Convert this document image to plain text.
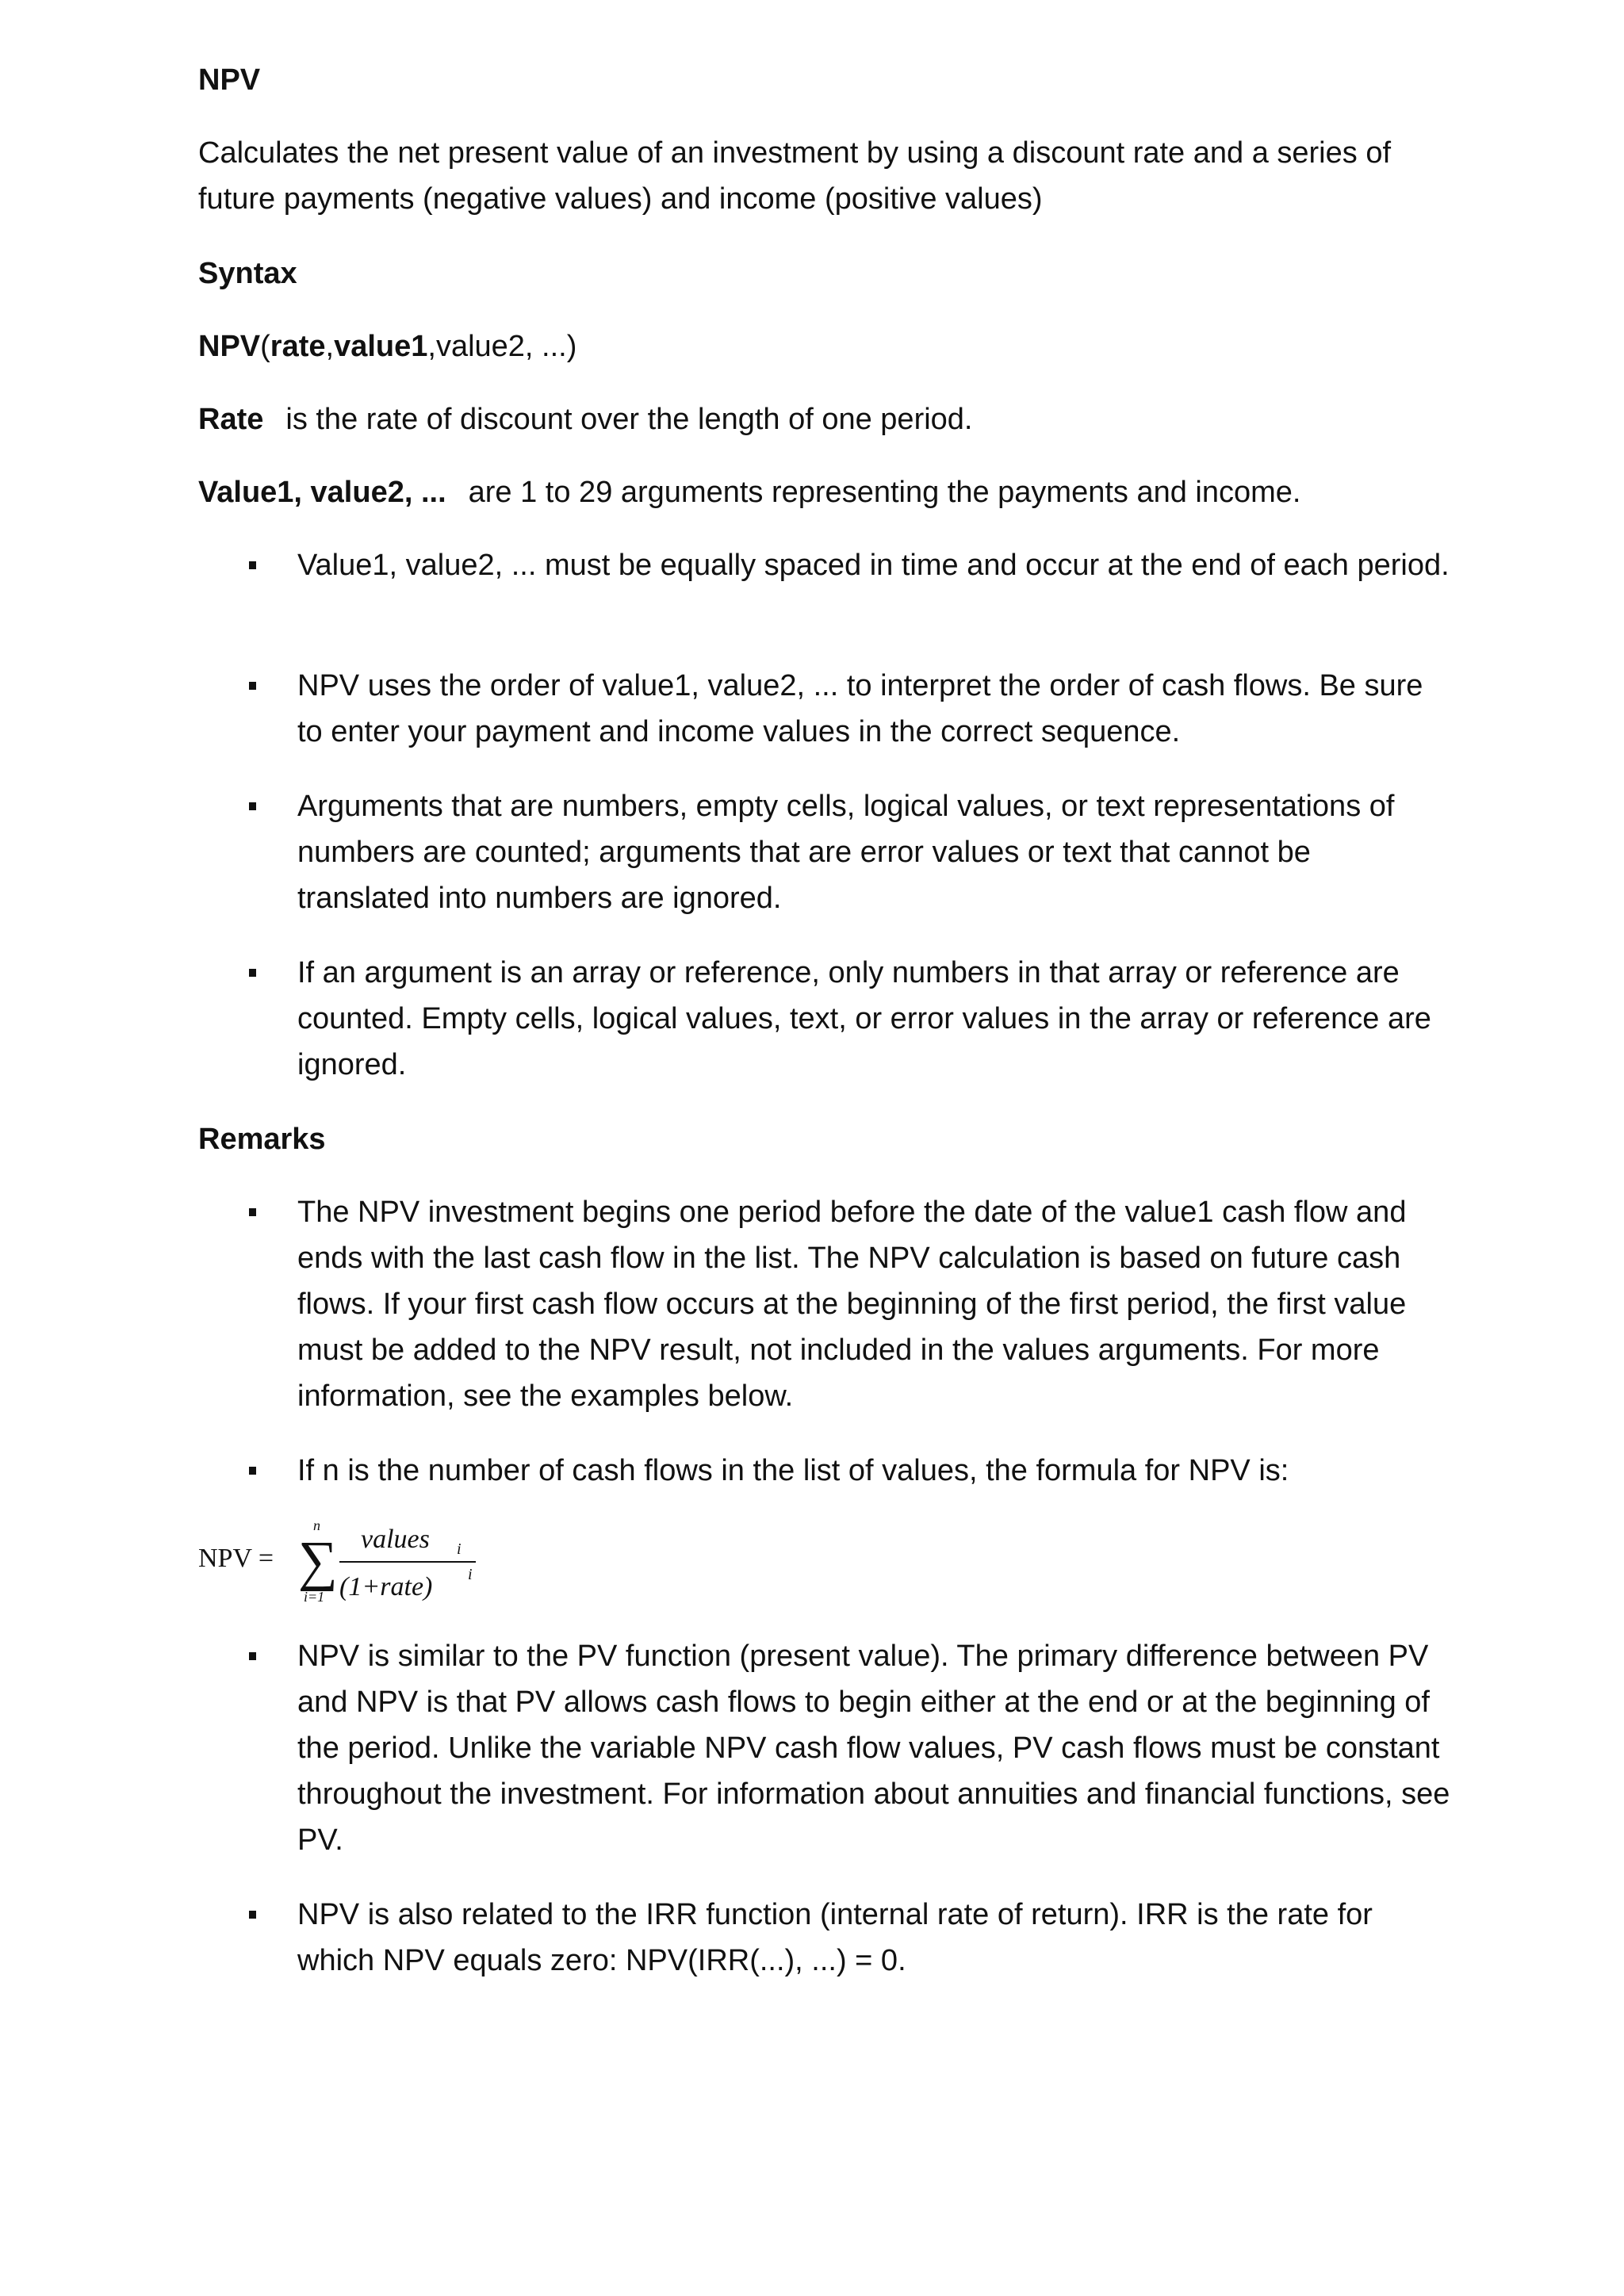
NPV
Calculates the net present value of an investment by using a discount rate and a series of future payments (negative values) and income (positive values)
Syntax
NPV(rate,value1,value2, ...)
Rate is the rate of discount over the length of one period.
Value1, value2, ... are 1 to 29 arguments representing the payments and income.
Value1, value2, ... must be equally spaced in time and occur at the end of each period.
NPV uses the order of value1, value2, ... to interpret the order of cash flows. Be sure to enter your payment and income values in the correct sequence.
Arguments that are numbers, empty cells, logical values, or text representations of numbers are counted; arguments that are error values or text that cannot be translated into numbers are ignored.
If an argument is an array or reference, only numbers in that array or reference are counted. Empty cells, logical values, text, or error values in the array or reference are ignored.
Remarks
The NPV investment begins one period before the date of the value1 cash flow and ends with the last cash flow in the list. The NPV calculation is based on future cash flows. If your first cash flow occurs at the beginning of the first period, the first value must be added to the NPV result, not included in the values arguments. For more information, see the examples below.
If n is the number of cash flows in the list of values, the formula for NPV is:
NPV = ∑
n
i=1
values i
(1+rate) i
NPV is similar to the PV function (present value). The primary difference between PV and NPV is that PV allows cash flows to begin either at the end or at the beginning of the period. Unlike the variable NPV cash flow values, PV cash flows must be constant throughout the investment. For information about annuities and financial functions, see PV.
NPV is also related to the IRR function (internal rate of return). IRR is the rate for which NPV equals zero: NPV(IRR(...), ...) = 0.
